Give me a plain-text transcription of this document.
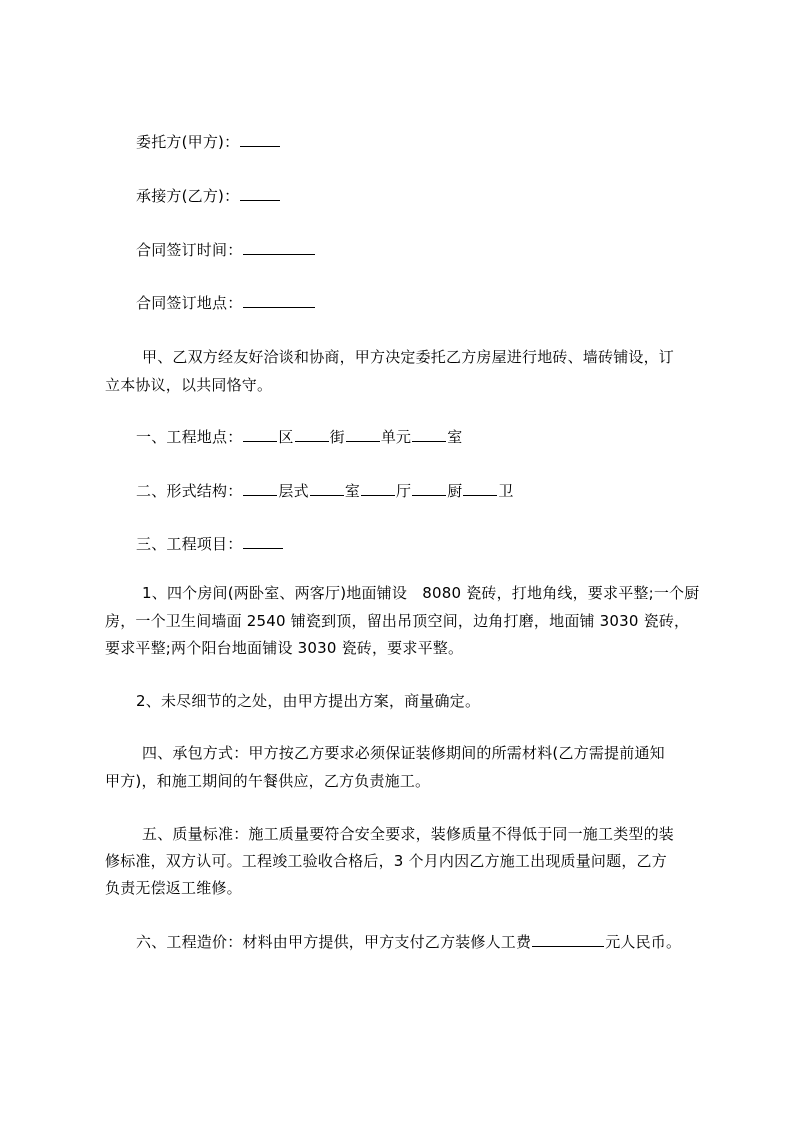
委托方(甲方)：
承接方(乙方)：
合同签订时间：
合同签订地点：
甲、乙双方经友好洽谈和协商，甲方决定委托乙方房屋进行地砖、墙砖铺设，订
立本协议，以共同恪守。
一、工程地点： 区 街 单元 室
二、形式结构： 层式 室 厅 厨 卫
三、工程项目：
1、四个房间(两卧室、两客厅)地面铺设　8080 瓷砖，打地角线，要求平整;一个厨
房，一个卫生间墙面 2540 铺瓷到顶，留出吊顶空间，边角打磨，地面铺 3030 瓷砖，
要求平整;两个阳台地面铺设 3030 瓷砖，要求平整。
2、未尽细节的之处，由甲方提出方案，商量确定。
四、承包方式：甲方按乙方要求必须保证装修期间的所需材料(乙方需提前通知
甲方)，和施工期间的午餐供应，乙方负责施工。
五、质量标准：施工质量要符合安全要求，装修质量不得低于同一施工类型的装
修标准，双方认可。工程竣工验收合格后，3 个月内因乙方施工出现质量问题，乙方
负责无偿返工维修。
六、工程造价：材料由甲方提供，甲方支付乙方装修人工费	元人民币。
